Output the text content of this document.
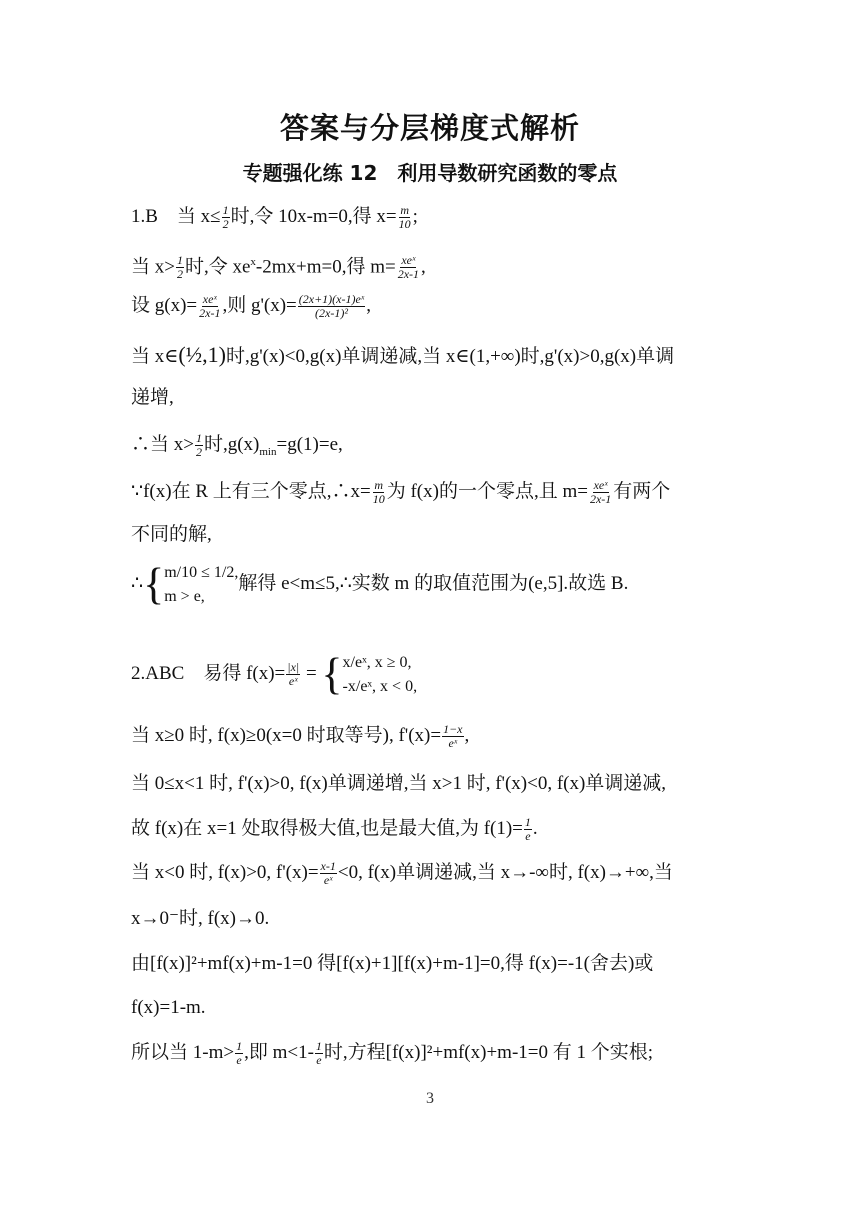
答案与分层梯度式解析
专题强化练 12　利用导数研究函数的零点
1.B　当 $x\le \frac{1}{2}$ 时,令 10x-m=0,得 $x= \frac{m}{10}$ ;
当 $x> \frac{1}{2}$ 时,令 $xe^x-2mx+m=0$,得 $m= \frac{\text{xeˣ}}{2x-1}$ ,
设 $g(x)= \frac{\text{xeˣ}}{2x-1}$ ,则 $g'(x)= \frac{\text{(2x+1)(x-1)eˣ}}{\text{(2x-1)²}}$ ,
当 x∈(½,1)时,g'(x)<0,g(x)单调递减,当 x∈(1,+∞)时,g'(x)>0,g(x)单调
递增,
∴当 $x> \frac{1}{2}$ 时$,g(x)_{min}=g(1)=e$,
∵f(x)在 R 上有三个零点,∴x= $\frac{m}{10}$ 为 f(x)的一个零点,且 $m= \frac{\text{xeˣ}}{2x-1}$ 有两个
不同的解,
∴{ m/10 ≤ 1/2,
m > e,
解得 e<m≤5,∴实数 m 的取值范围为(e,5].故选 B.
2.ABC　易得 $f(x)= \frac{|x|}{\text{eˣ}}$ = { x/eˣ, x ≥ 0,
-x/eˣ, x < 0,
当 x≥0 时, f(x)≥0(x=0 时取等号), $f'(x)= \frac{1-x}{\text{eˣ}}$ ,
当 0≤x<1 时, f'(x)>0, f(x)单调递增,当 x>1 时, f'(x)<0, f(x)单调递减,
故 f(x)在 x=1 处取得极大值,也是最大值,为 $f(1)= \frac{1}{e}$ .
当 x<0 时, f(x)>0, $f'(x)= \frac{x-1}{\text{eˣ}} <0$, f(x)单调递减,当 x→-∞时, f(x)→+∞,当
x→0⁻时, f(x)→0.
由[f(x)]²+mf(x)+m-1=0 得[f(x)+1][f(x)+m-1]=0,得 f(x)=-1(舍去)或
f(x)=1-m.
所以当 $1-m> \frac{1}{e}$ ,即 $m<1- \frac{1}{e}$ 时,方程[f(x)]²+mf(x)+m-1=0 有 1 个实根;
3
